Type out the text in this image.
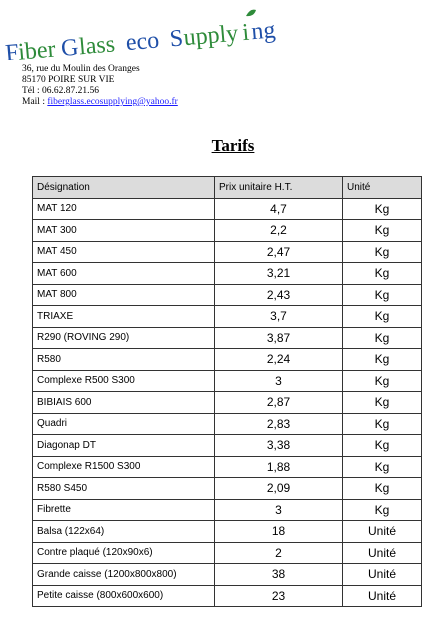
F
iber G
lass eco S
upply i ng
36, rue du Moulin des Oranges
85170 POIRE SUR VIE
Tél : 06.62.87.21.56
Mail : fiberglass.ecosupplying@yahoo.fr
Tarifs
Désignation	Prix unitaire H.T.	Unité
MAT 120	4,7	Kg
MAT 300	2,2	Kg
MAT 450	2,47	Kg
MAT 600	3,21	Kg
MAT 800	2,43	Kg
TRIAXE	3,7	Kg
R290 (ROVING 290)	3,87	Kg
R580	2,24	Kg
Complexe R500 S300	3	Kg
BIBIAIS 600	2,87	Kg
Quadri	2,83	Kg
Diagonap DT	3,38	Kg
Complexe R1500 S300	1,88	Kg
R580 S450	2,09	Kg
Fibrette	3	Kg
Balsa (122x64)	18	Unité
Contre plaqué (120x90x6)	2	Unité
Grande caisse (1200x800x800)	38	Unité
Petite caisse (800x600x600)	23	Unité
